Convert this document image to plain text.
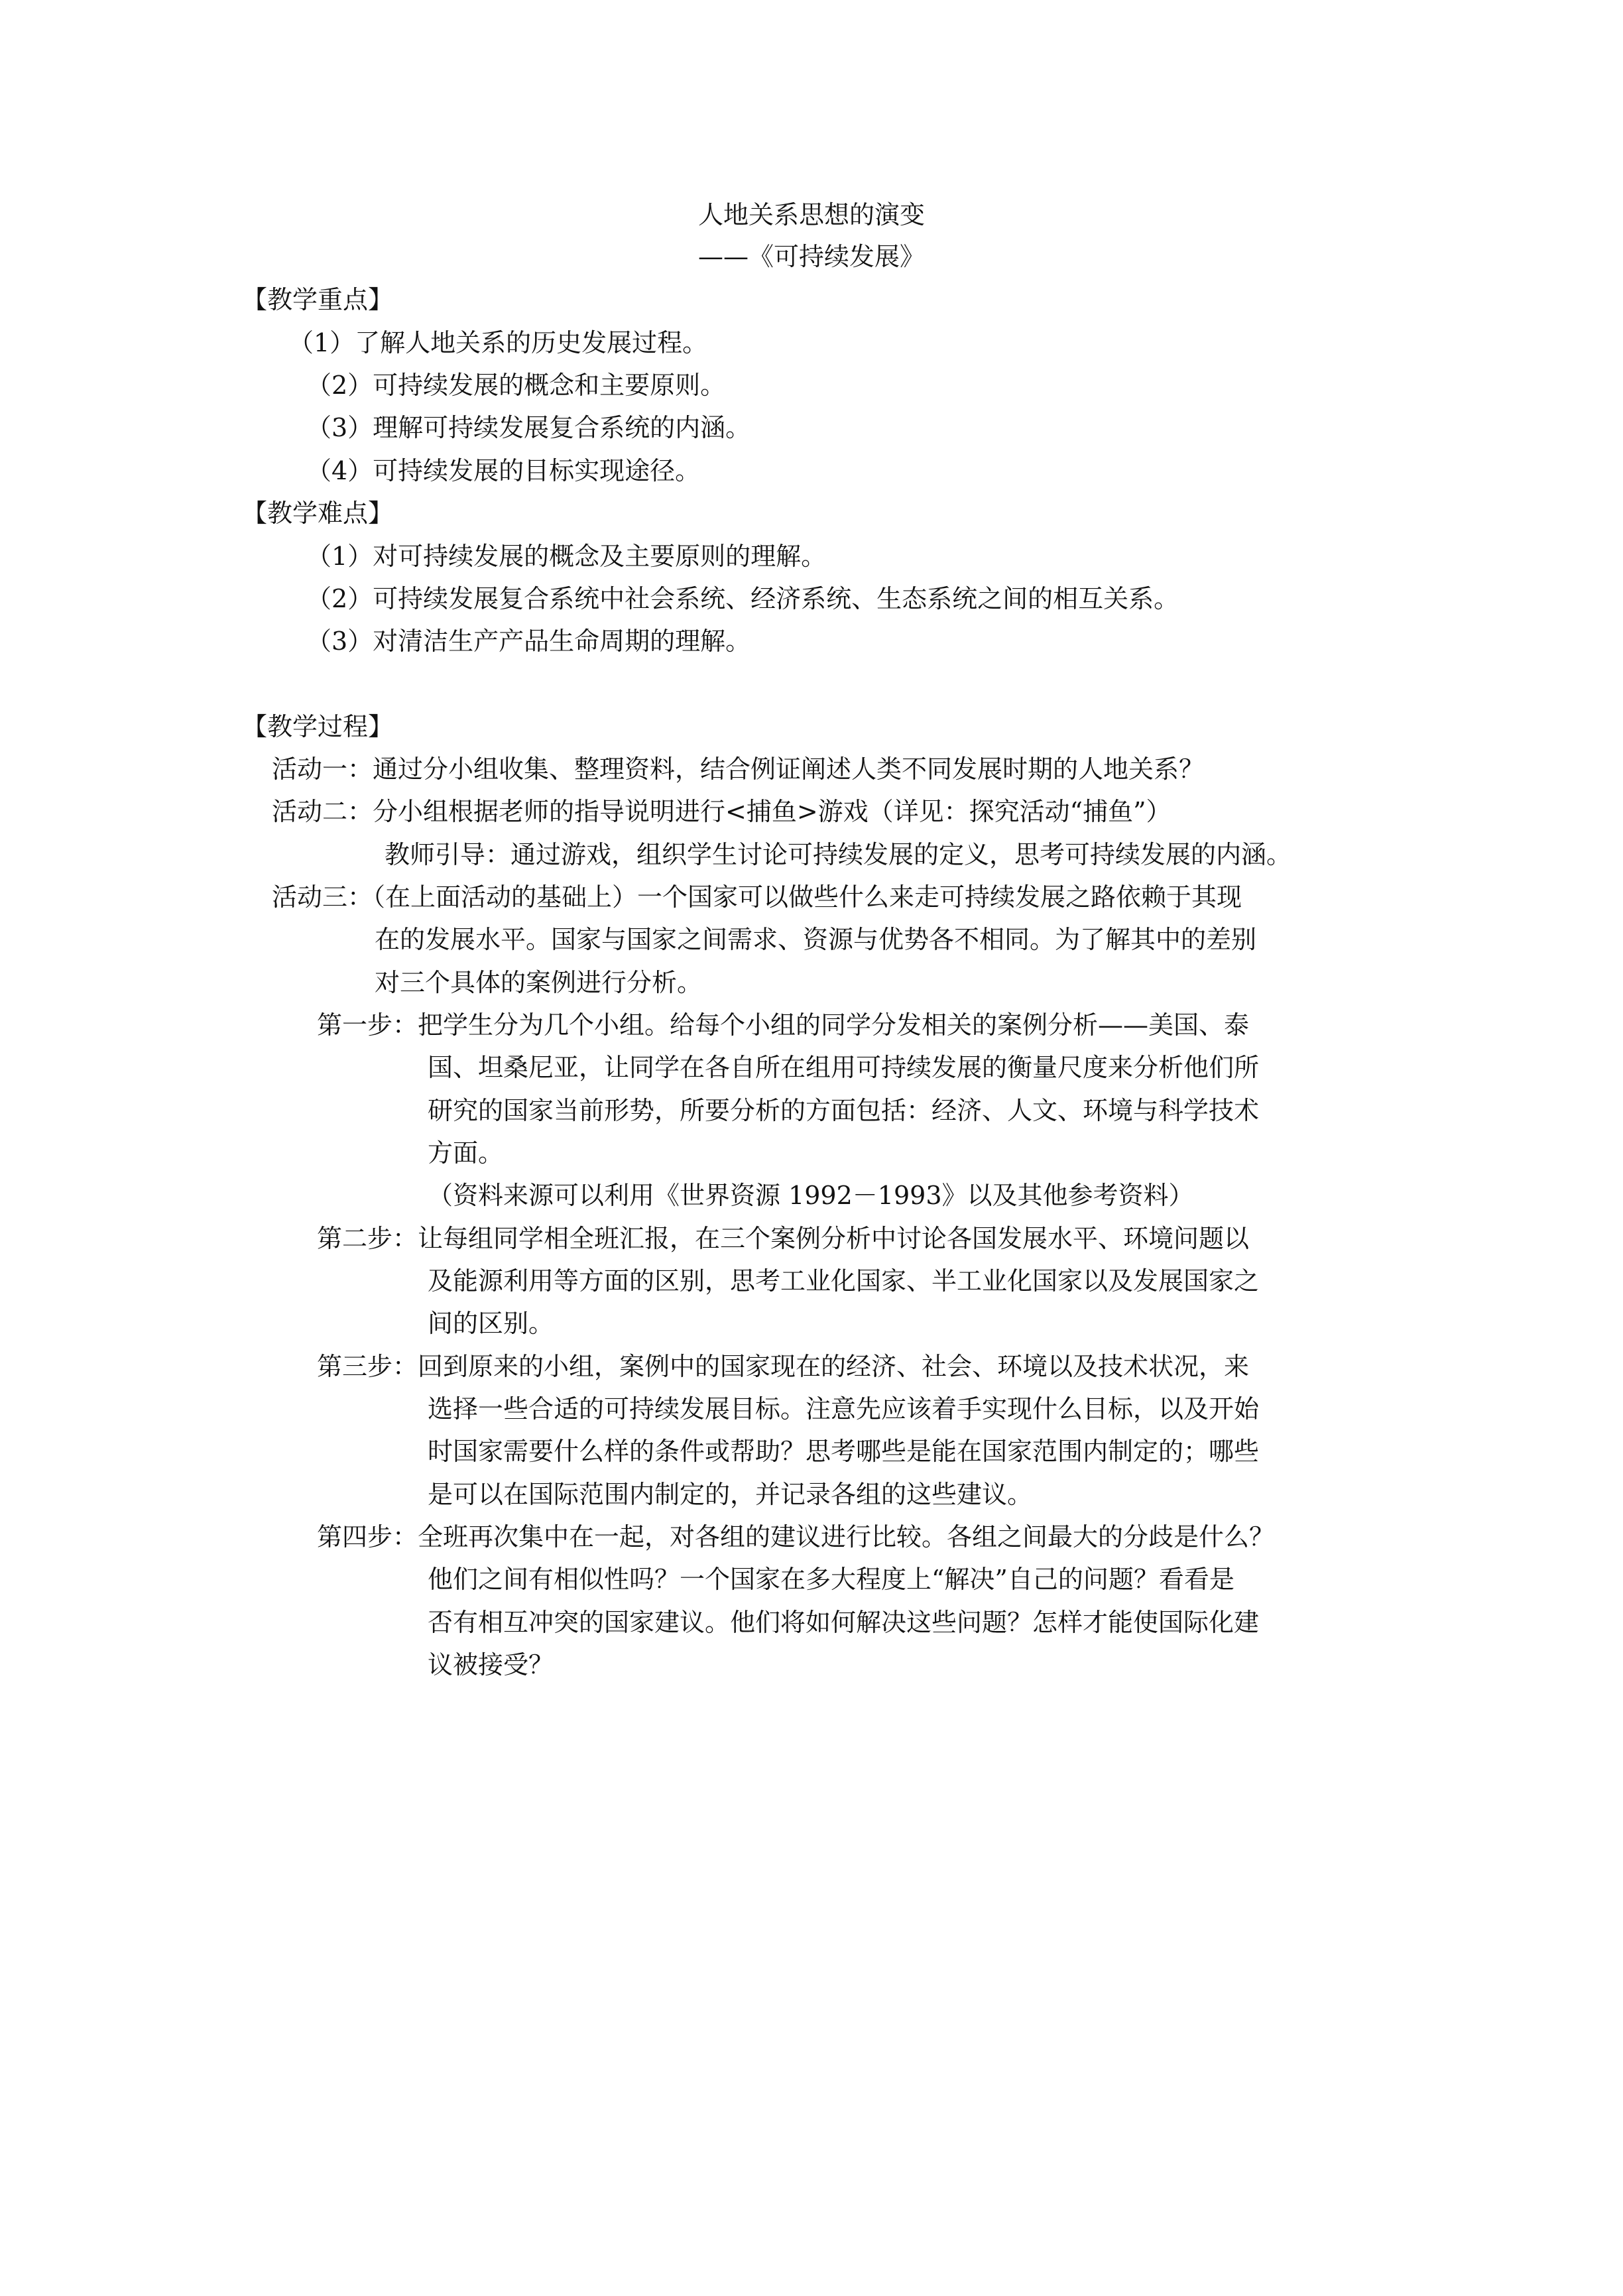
人地关系思想的演变
——《可持续发展》
【教学重点】
（1）了解人地关系的历史发展过程。
（2）可持续发展的概念和主要原则。
（3）理解可持续发展复合系统的内涵。
（4）可持续发展的目标实现途径。
【教学难点】
（1）对可持续发展的概念及主要原则的理解。
（2）可持续发展复合系统中社会系统、经济系统、生态系统之间的相互关系。
（3）对清洁生产产品生命周期的理解。
【教学过程】
活动一：通过分小组收集、整理资料，结合例证阐述人类不同发展时期的人地关系？
活动二：分小组根据老师的指导说明进行<捕鱼>游戏（详见：探究活动“捕鱼”）
教师引导：通过游戏，组织学生讨论可持续发展的定义，思考可持续发展的内涵。
活动三：（在上面活动的基础上）一个国家可以做些什么来走可持续发展之路依赖于其现
在的发展水平。国家与国家之间需求、资源与优势各不相同。为了解其中的差别
对三个具体的案例进行分析。
第一步：把学生分为几个小组。给每个小组的同学分发相关的案例分析——美国、泰
国、坦桑尼亚，让同学在各自所在组用可持续发展的衡量尺度来分析他们所
研究的国家当前形势，所要分析的方面包括：经济、人文、环境与科学技术
方面。
（资料来源可以利用《世界资源 1992－1993》以及其他参考资料）
第二步：让每组同学相全班汇报，在三个案例分析中讨论各国发展水平、环境问题以
及能源利用等方面的区别，思考工业化国家、半工业化国家以及发展国家之
间的区别。
第三步：回到原来的小组，案例中的国家现在的经济、社会、环境以及技术状况，来
选择一些合适的可持续发展目标。注意先应该着手实现什么目标，以及开始
时国家需要什么样的条件或帮助？思考哪些是能在国家范围内制定的；哪些
是可以在国际范围内制定的，并记录各组的这些建议。
第四步：全班再次集中在一起，对各组的建议进行比较。各组之间最大的分歧是什么？
他们之间有相似性吗？一个国家在多大程度上“解决”自己的问题？看看是
否有相互冲突的国家建议。他们将如何解决这些问题？怎样才能使国际化建
议被接受？
